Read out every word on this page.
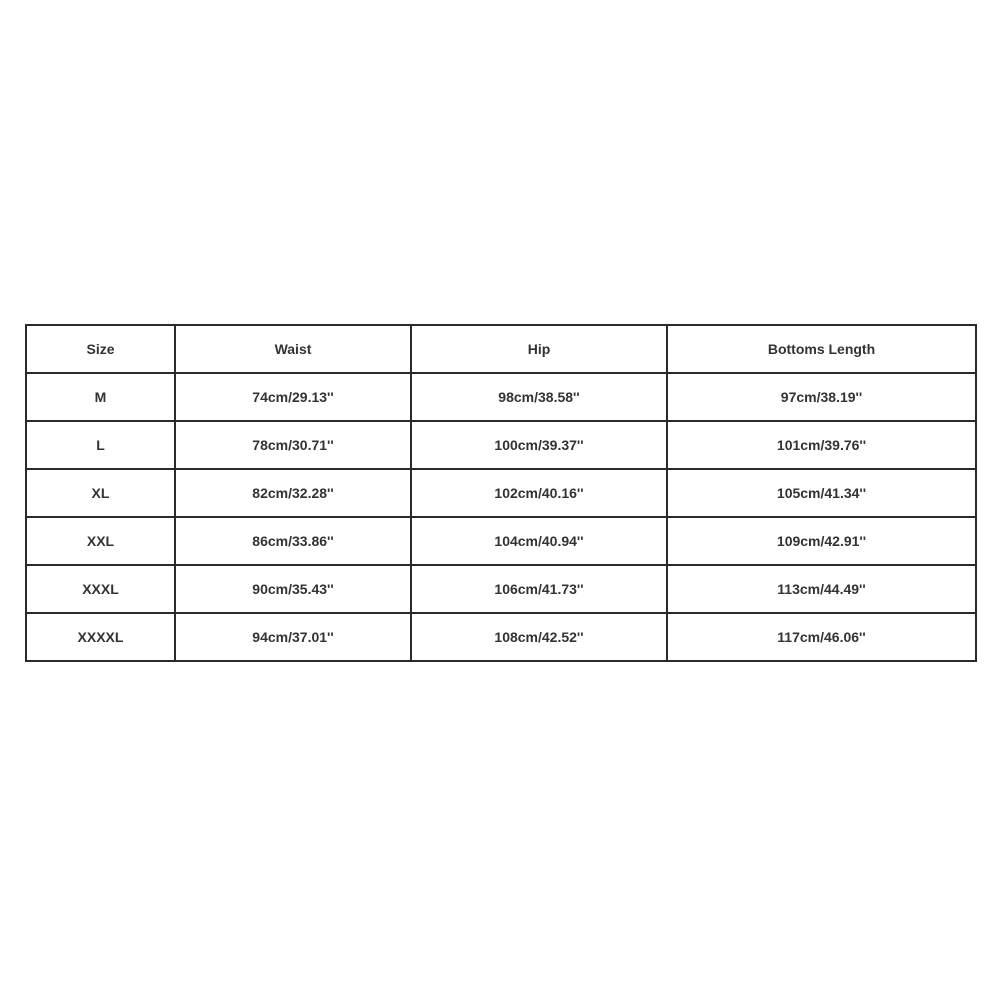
Size	Waist	Hip	Bottoms Length
M	74cm/29.13''	98cm/38.58''	97cm/38.19''
L	78cm/30.71''	100cm/39.37''	101cm/39.76''
XL	82cm/32.28''	102cm/40.16''	105cm/41.34''
XXL	86cm/33.86''	104cm/40.94''	109cm/42.91''
XXXL	90cm/35.43''	106cm/41.73''	113cm/44.49''
XXXXL	94cm/37.01''	108cm/42.52''	117cm/46.06''
